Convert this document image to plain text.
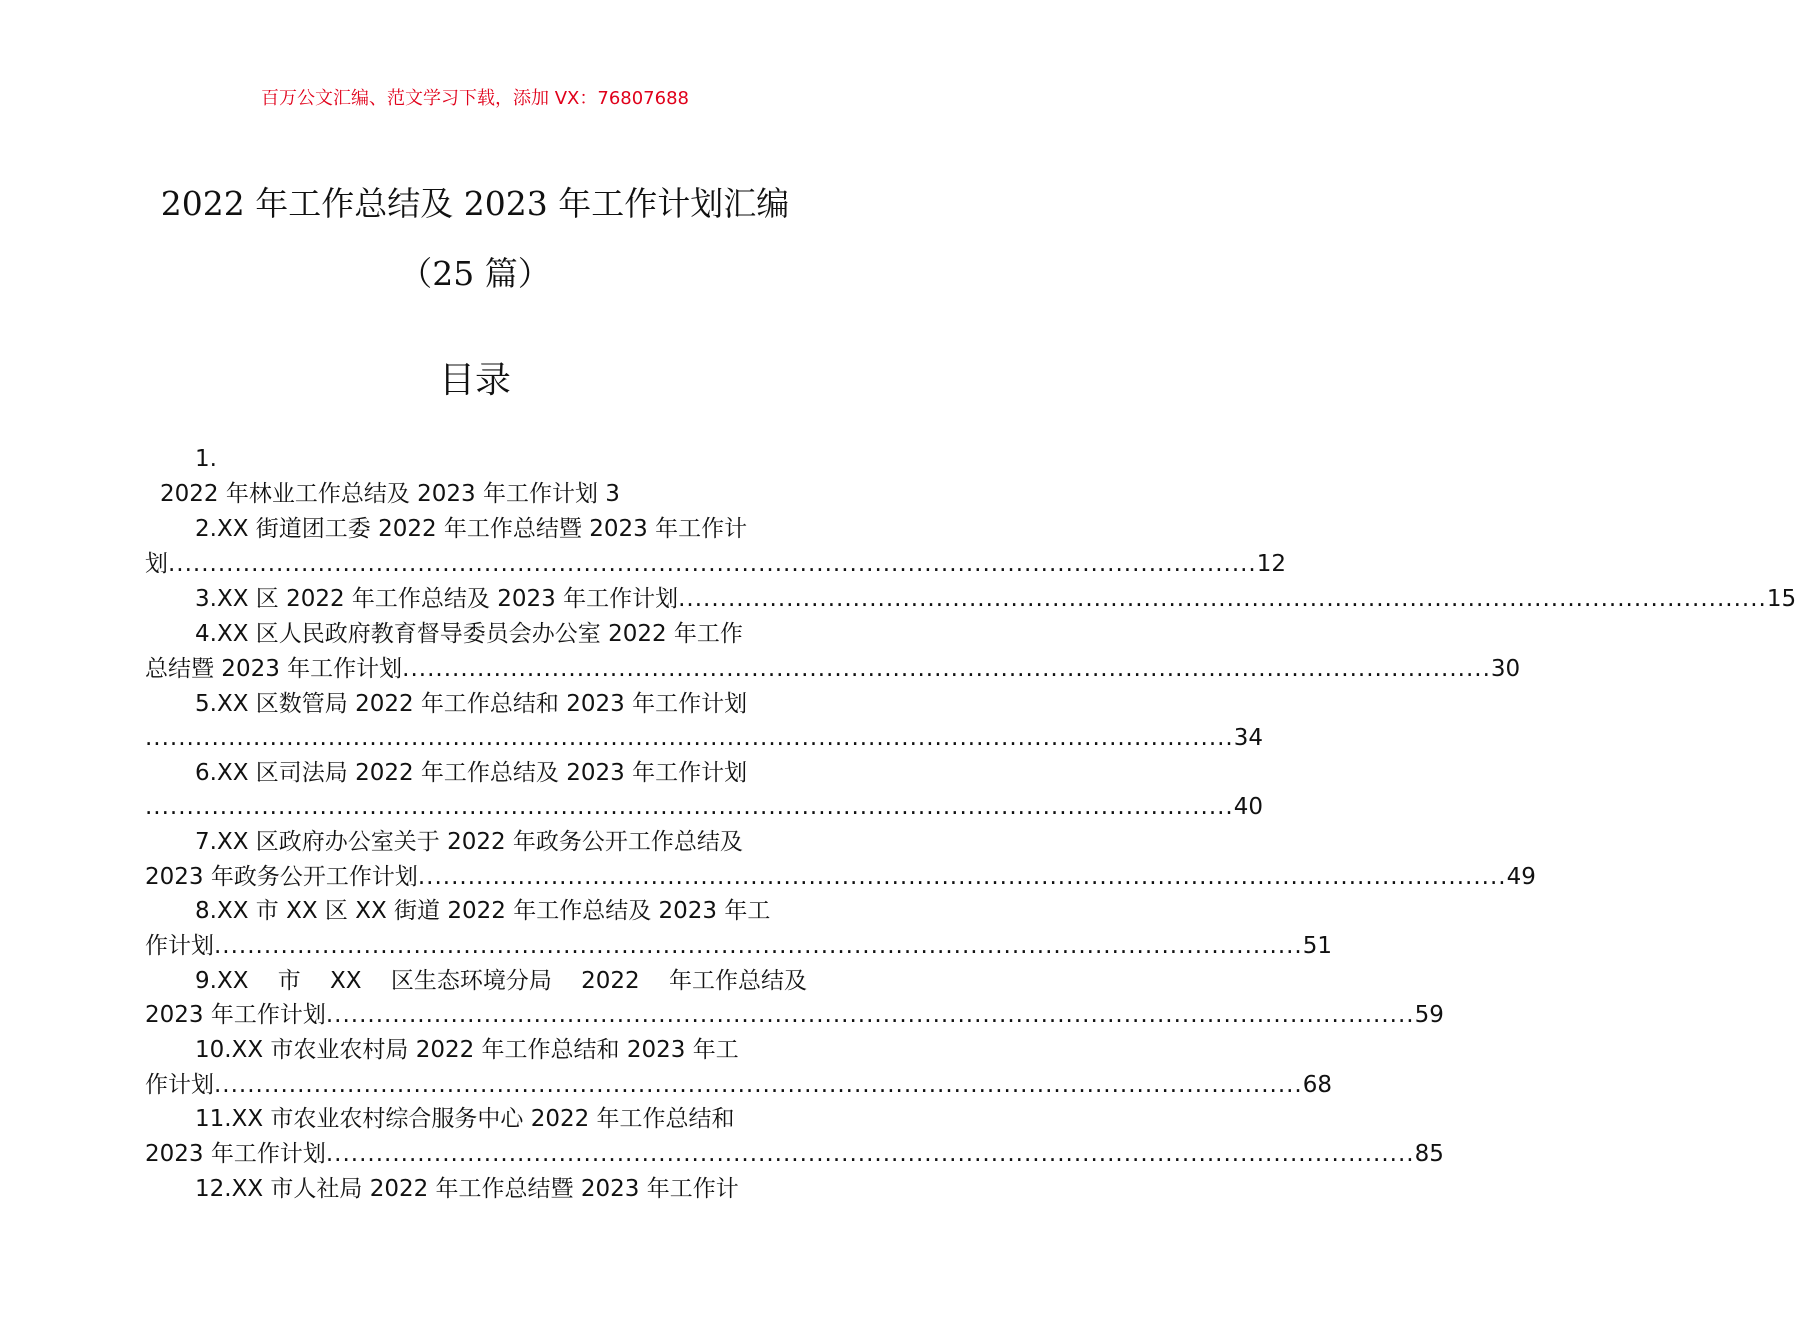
百万公文汇编、范文学习下载，添加 VX：76807688
2022 年工作总结及 2023 年工作计划汇编
（25 篇）
目录
1.
2022 年林业工作总结及 2023 年工作计划 3
2.XX 街道团工委 2022 年工作总结暨 2023 年工作计
划 ................................................................................................................................... 12
3.XX 区 2022 年工作总结及 2023 年工作计划 ................................................................................................................................... 15
4.XX 区人民政府教育督导委员会办公室 2022 年工作
总结暨 2023 年工作计划 ................................................................................................................................... 30
5.XX 区数管局 2022 年工作总结和 2023 年工作计划
................................................................................................................................... 34
6.XX 区司法局 2022 年工作总结及 2023 年工作计划
................................................................................................................................... 40
7.XX 区政府办公室关于 2022 年政务公开工作总结及
2023 年政务公开工作计划 ................................................................................................................................... 49
8.XX 市 XX 区 XX 街道 2022 年工作总结及 2023 年工
作计划 ................................................................................................................................... 51
9.XX 市 XX 区生态环境分局 2022 年工作总结及
2023 年工作计划 ................................................................................................................................... 59
10.XX 市农业农村局 2022 年工作总结和 2023 年工
作计划 ................................................................................................................................... 68
11.XX 市农业农村综合服务中心 2022 年工作总结和
2023 年工作计划 ................................................................................................................................... 85
12.XX 市人社局 2022 年工作总结暨 2023 年工作计
